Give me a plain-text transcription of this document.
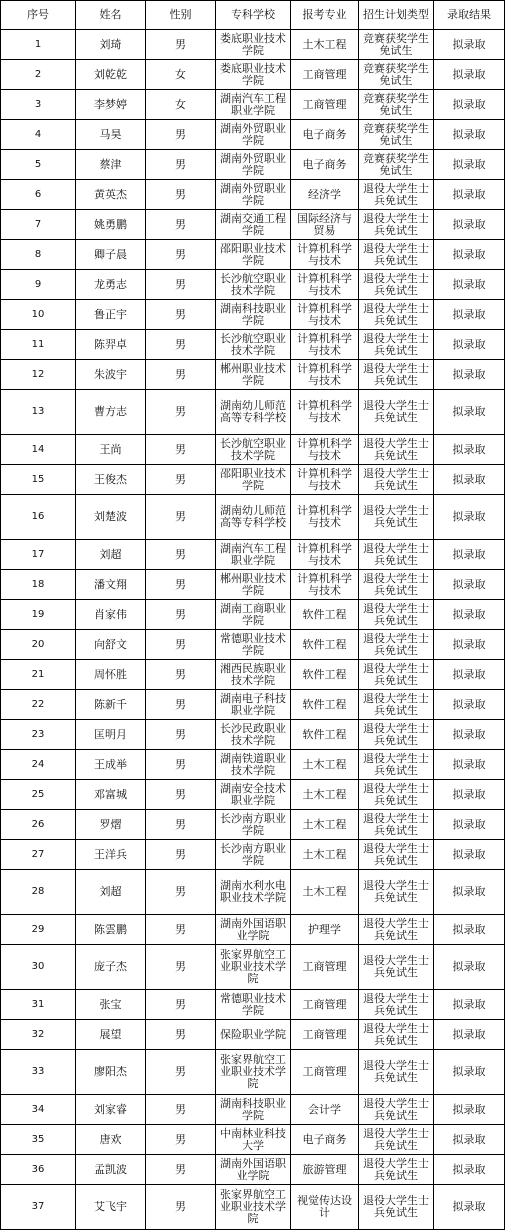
序号	姓名	性别	专科学校	报考专业	招生计划类型	录取结果
1	刘琦	男	娄底职业技术学院	土木工程	竞赛获奖学生免试生	拟录取
2	刘乾乾	女	娄底职业技术学院	工商管理	竞赛获奖学生免试生	拟录取
3	李梦婷	女	湖南汽车工程职业学院	工商管理	竞赛获奖学生免试生	拟录取
4	马昊	男	湖南外贸职业学院	电子商务	竞赛获奖学生免试生	拟录取
5	蔡津	男	湖南外贸职业学院	电子商务	竞赛获奖学生免试生	拟录取
6	黄英杰	男	湖南外贸职业学院	经济学	退役大学生士兵免试生	拟录取
7	姚勇鹏	男	湖南交通工程学院	国际经济与贸易	退役大学生士兵免试生	拟录取
8	卿子晨	男	邵阳职业技术学院	计算机科学与技术	退役大学生士兵免试生	拟录取
9	龙勇志	男	长沙航空职业技术学院	计算机科学与技术	退役大学生士兵免试生	拟录取
10	鲁正宇	男	湖南科技职业学院	计算机科学与技术	退役大学生士兵免试生	拟录取
11	陈羿卓	男	长沙航空职业技术学院	计算机科学与技术	退役大学生士兵免试生	拟录取
12	朱波宇	男	郴州职业技术学院	计算机科学与技术	退役大学生士兵免试生	拟录取
13	曹方志	男	湖南幼儿师范高等专科学校	计算机科学与技术	退役大学生士兵免试生	拟录取
14	王尚	男	长沙航空职业技术学院	计算机科学与技术	退役大学生士兵免试生	拟录取
15	王俊杰	男	邵阳职业技术学院	计算机科学与技术	退役大学生士兵免试生	拟录取
16	刘楚波	男	湖南幼儿师范高等专科学校	计算机科学与技术	退役大学生士兵免试生	拟录取
17	刘超	男	湖南汽车工程职业学院	计算机科学与技术	退役大学生士兵免试生	拟录取
18	潘文翔	男	郴州职业技术学院	计算机科学与技术	退役大学生士兵免试生	拟录取
19	肖家伟	男	湖南工商职业学院	软件工程	退役大学生士兵免试生	拟录取
20	向舒文	男	常德职业技术学院	软件工程	退役大学生士兵免试生	拟录取
21	周怀胜	男	湘西民族职业技术学院	软件工程	退役大学生士兵免试生	拟录取
22	陈新千	男	湖南电子科技职业学院	软件工程	退役大学生士兵免试生	拟录取
23	匡明月	男	长沙民政职业技术学院	软件工程	退役大学生士兵免试生	拟录取
24	王成举	男	湖南铁道职业技术学院	土木工程	退役大学生士兵免试生	拟录取
25	邓富城	男	湖南安全技术职业学院	土木工程	退役大学生士兵免试生	拟录取
26	罗熠	男	长沙南方职业学院	土木工程	退役大学生士兵免试生	拟录取
27	王洋兵	男	长沙南方职业学院	土木工程	退役大学生士兵免试生	拟录取
28	刘超	男	湖南水利水电职业技术学院	土木工程	退役大学生士兵免试生	拟录取
29	陈雲鹏	男	湖南外国语职业学院	护理学	退役大学生士兵免试生	拟录取
30	庞子杰	男	张家界航空工业职业技术学院	工商管理	退役大学生士兵免试生	拟录取
31	张宝	男	常德职业技术学院	工商管理	退役大学生士兵免试生	拟录取
32	展望	男	保险职业学院	工商管理	退役大学生士兵免试生	拟录取
33	廖阳杰	男	张家界航空工业职业技术学院	工商管理	退役大学生士兵免试生	拟录取
34	刘家睿	男	湖南科技职业学院	会计学	退役大学生士兵免试生	拟录取
35	唐欢	男	中南林业科技大学	电子商务	退役大学生士兵免试生	拟录取
36	孟凯波	男	湖南外国语职业学院	旅游管理	退役大学生士兵免试生	拟录取
37	艾飞宇	男	张家界航空工业职业技术学院	视觉传达设计	退役大学生士兵免试生	拟录取
